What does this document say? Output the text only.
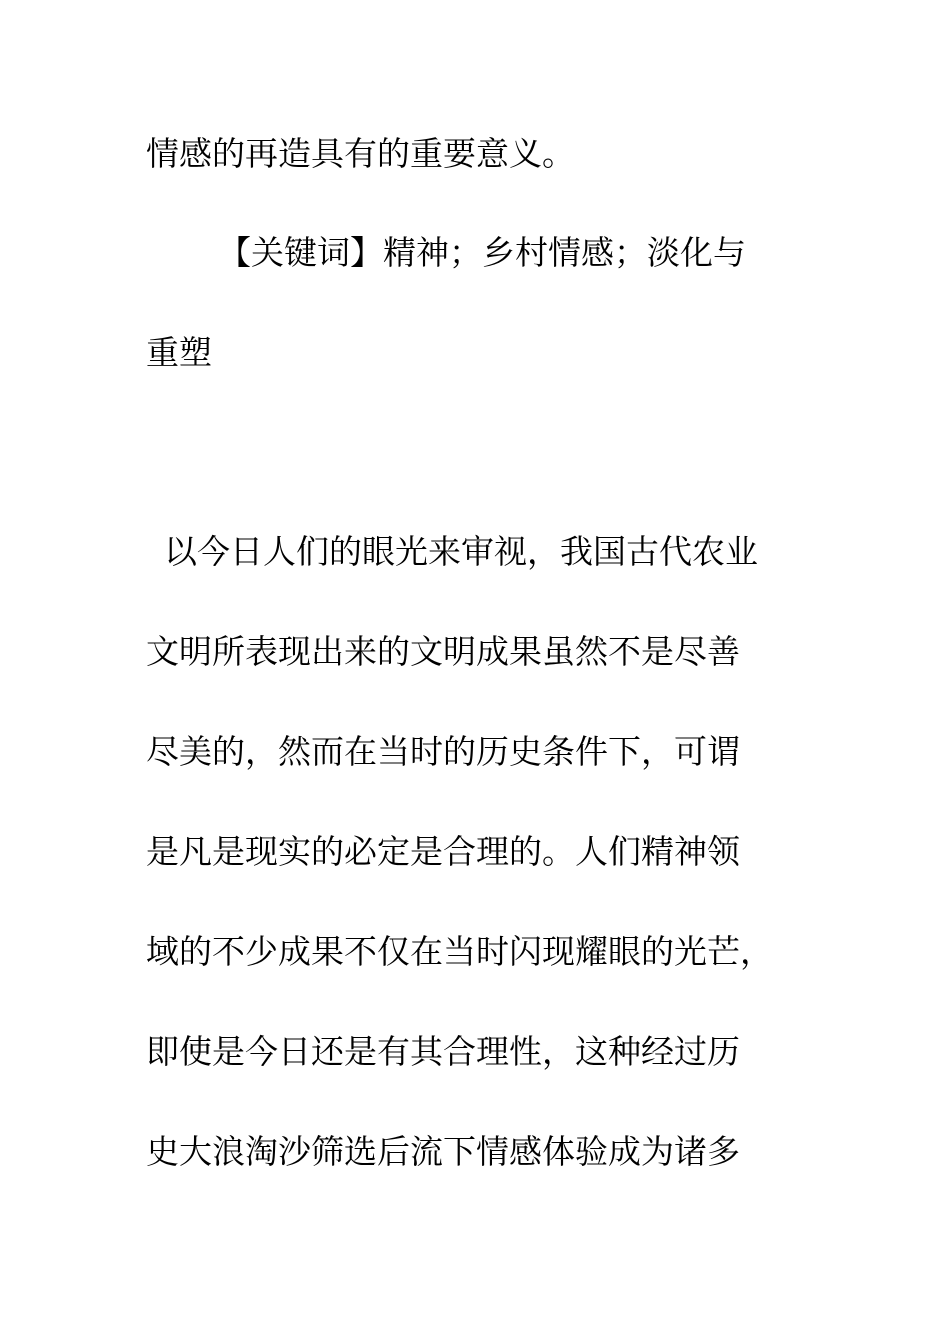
情感的再造具有的重要意义。
【关键词】精神；乡村情感；淡化与
重塑
以今日人们的眼光来审视，我国古代农业
文明所表现出来的文明成果虽然不是尽善
尽美的，然而在当时的历史条件下，可谓
是凡是现实的必定是合理的。人们精神领
域的不少成果不仅在当时闪现耀眼的光芒，
即使是今日还是有其合理性，这种经过历
史大浪淘沙筛选后流下情感体验成为诸多
